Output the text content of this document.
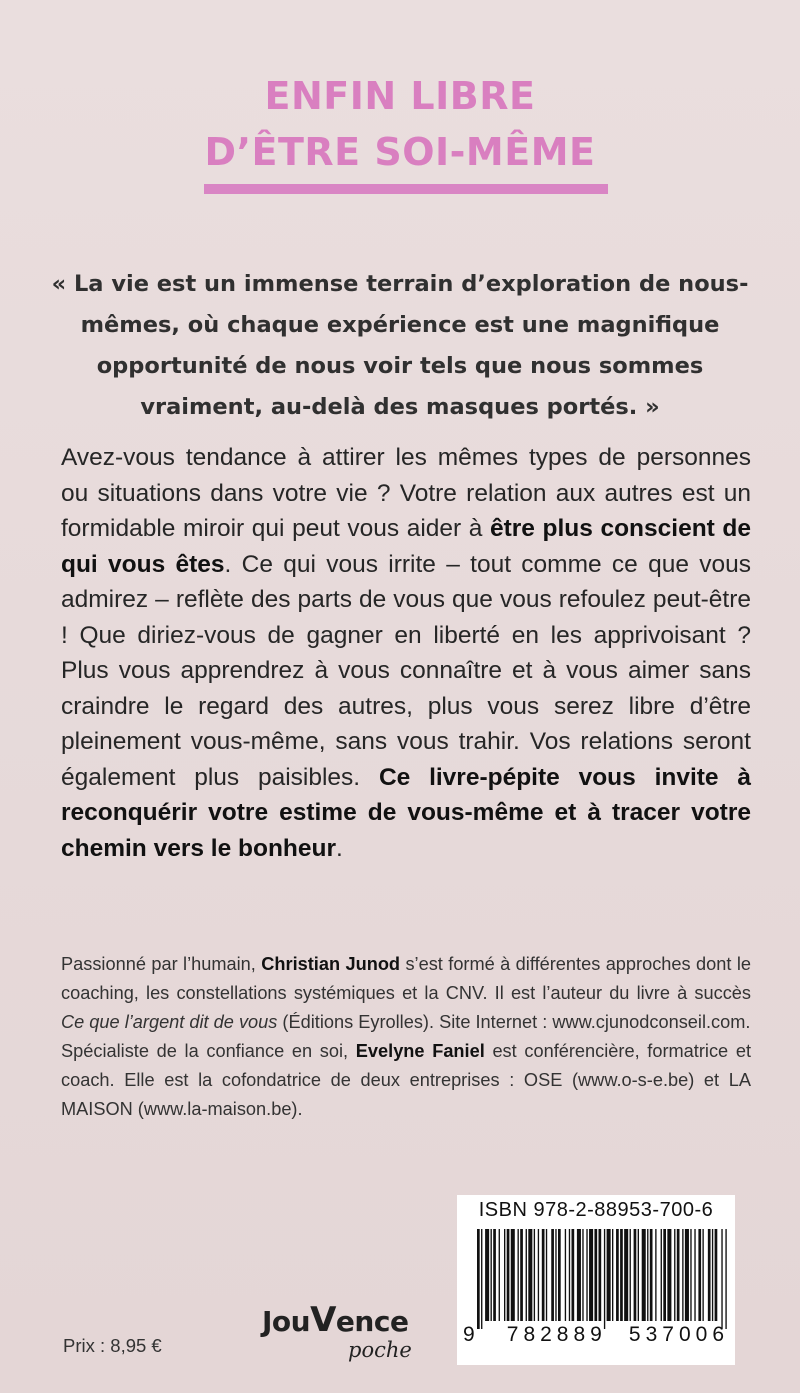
ENFIN LIBRE
D’ÊTRE SOI-MÊME
« La vie est un immense terrain d’exploration de nous-mêmes, où chaque expérience est une magnifique opportunité de nous voir tels que nous sommes vraiment, au-delà des masques portés. »
Avez-vous tendance à attirer les mêmes types de personnes ou situations dans votre vie ? Votre relation aux autres est un formidable miroir qui peut vous aider à être plus conscient de qui vous êtes. Ce qui vous irrite – tout comme ce que vous admirez – reflète des parts de vous que vous refoulez peut-être ! Que diriez-vous de gagner en liberté en les apprivoisant ? Plus vous apprendrez à vous connaître et à vous aimer sans craindre le regard des autres, plus vous serez libre d’être pleinement vous-même, sans vous trahir. Vos relations seront également plus paisibles. Ce livre-pépite vous invite à reconquérir votre estime de vous-même et à tracer votre chemin vers le bonheur.
Passionné par l’humain, Christian Junod s’est formé à différentes approches dont le coaching, les constellations systémiques et la CNV. Il est l’auteur du livre à succès Ce que l’argent dit de vous (Éditions Eyrolles). Site Internet : www.cjunodconseil.com.
Spécialiste de la confiance en soi, Evelyne Faniel est conférencière, formatrice et coach. Elle est la cofondatrice de deux entreprises : OSE (www.o-s-e.be) et LA MAISON (www.la-maison.be).
ISBN 978-2-88953-700-6
9 782889 537006
Prix : 8,95 €
JouVence
poche
